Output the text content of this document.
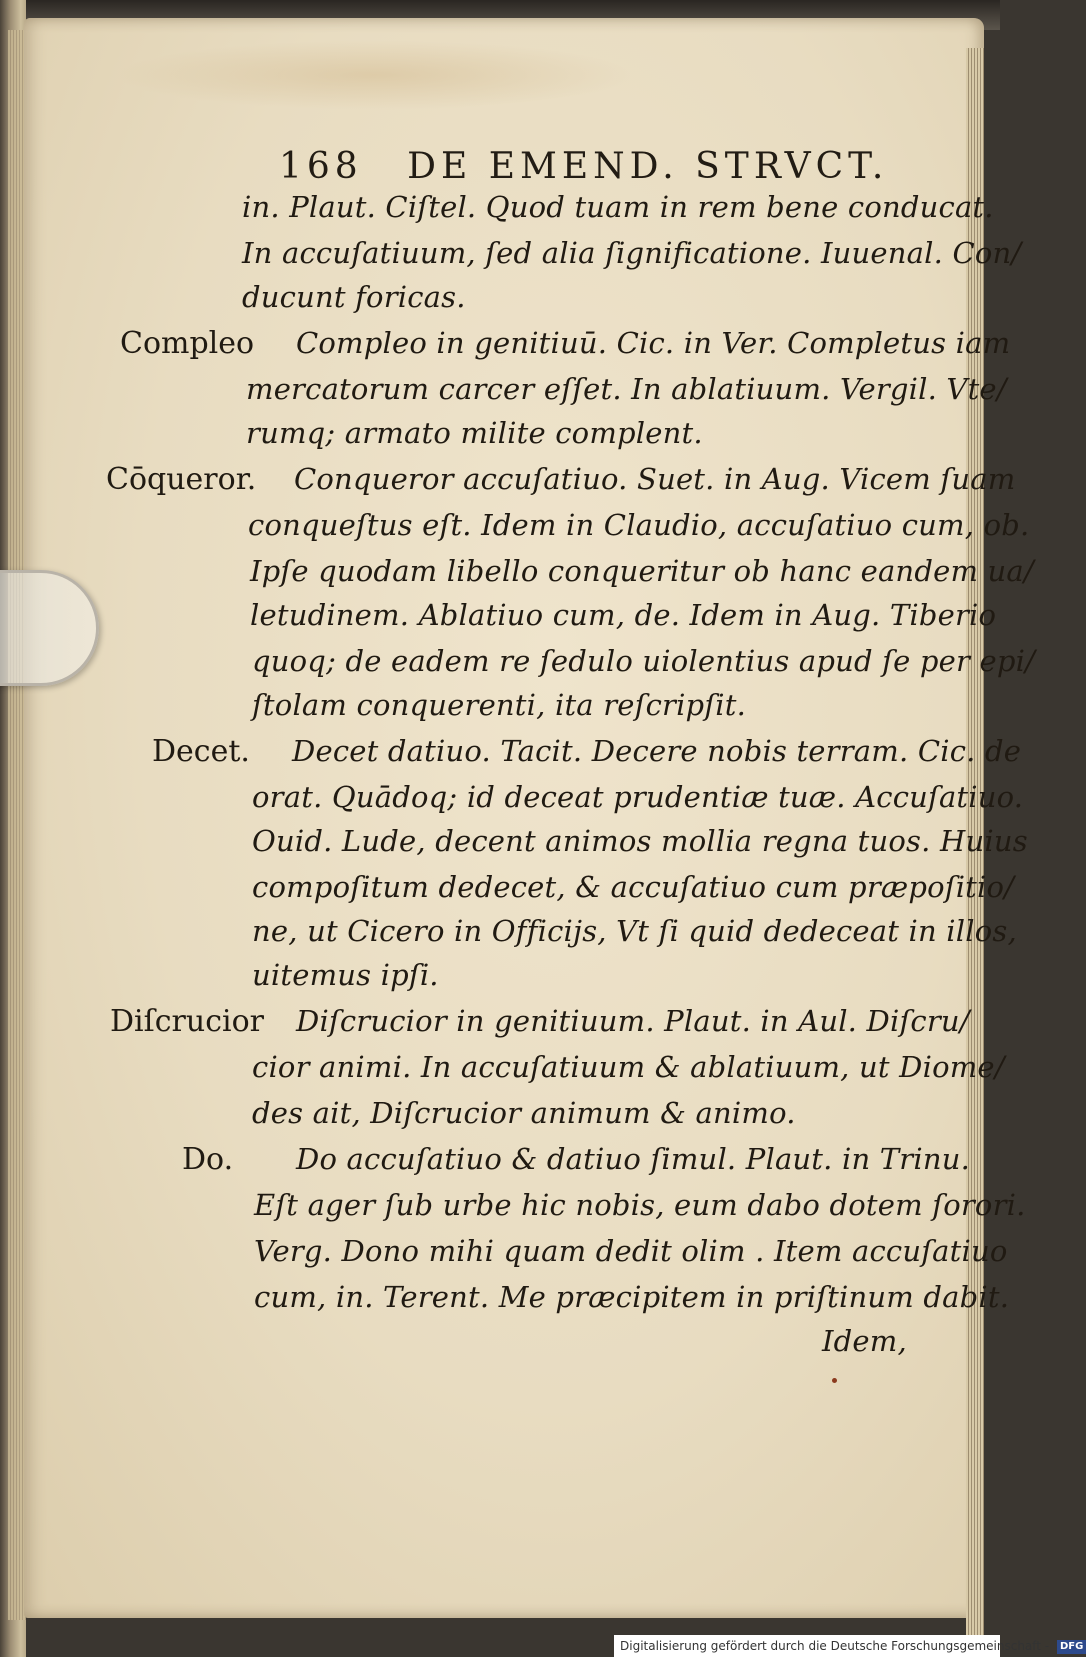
168 DE EMEND. STRVCT.
in. Plaut. Ciſtel. Quod tuam in rem bene conducat.
In accuſatiuum, ſed alia ſignificatione. Iuuenal. Con/
ducunt foricas.
Compleo in genitiuū. Cic. in Ver. Completus iam
mercatorum carcer eſſet. In ablatiuum. Vergil. Vte/
rumq; armato milite complent.
Conqueror accuſatiuo. Suet. in Aug. Vicem ſuam
conqueſtus eſt. Idem in Claudio, accuſatiuo cum, ob.
Ipſe quodam libello conqueritur ob hanc eandem ua/
letudinem. Ablatiuo cum, de. Idem in Aug. Tiberio
quoq; de eadem re ſedulo uiolentius apud ſe per epi/
ſtolam conquerenti, ita reſcripſit.
Decet datiuo. Tacit. Decere nobis terram. Cic. de
orat. Quādoq; id deceat prudentiæ tuæ. Accuſatiuo.
Ouid. Lude, decent animos mollia regna tuos. Huius
compoſitum dedecet, & accuſatiuo cum præpoſitio/
ne, ut Cicero in Officijs, Vt ſi quid dedeceat in illos,
uitemus ipſi.
Diſcrucior in genitiuum. Plaut. in Aul. Diſcru/
cior animi. In accuſatiuum & ablatiuum, ut Diome/
des ait, Diſcrucior animum & animo.
Do accuſatiuo & datiuo ſimul. Plaut. in Trinu.
Eſt ager ſub urbe hic nobis, eum dabo dotem ſorori.
Verg. Dono mihi quam dedit olim . Item accuſatiuo
cum, in. Terent. Me præcipitem in priſtinum dabit.
Idem,
Compleo
Cōqueror.
Decet.
Diſcrucior
Do.
Digitalisierung gefördert durch die Deutsche Forschungsgemeinschaft - DFG
